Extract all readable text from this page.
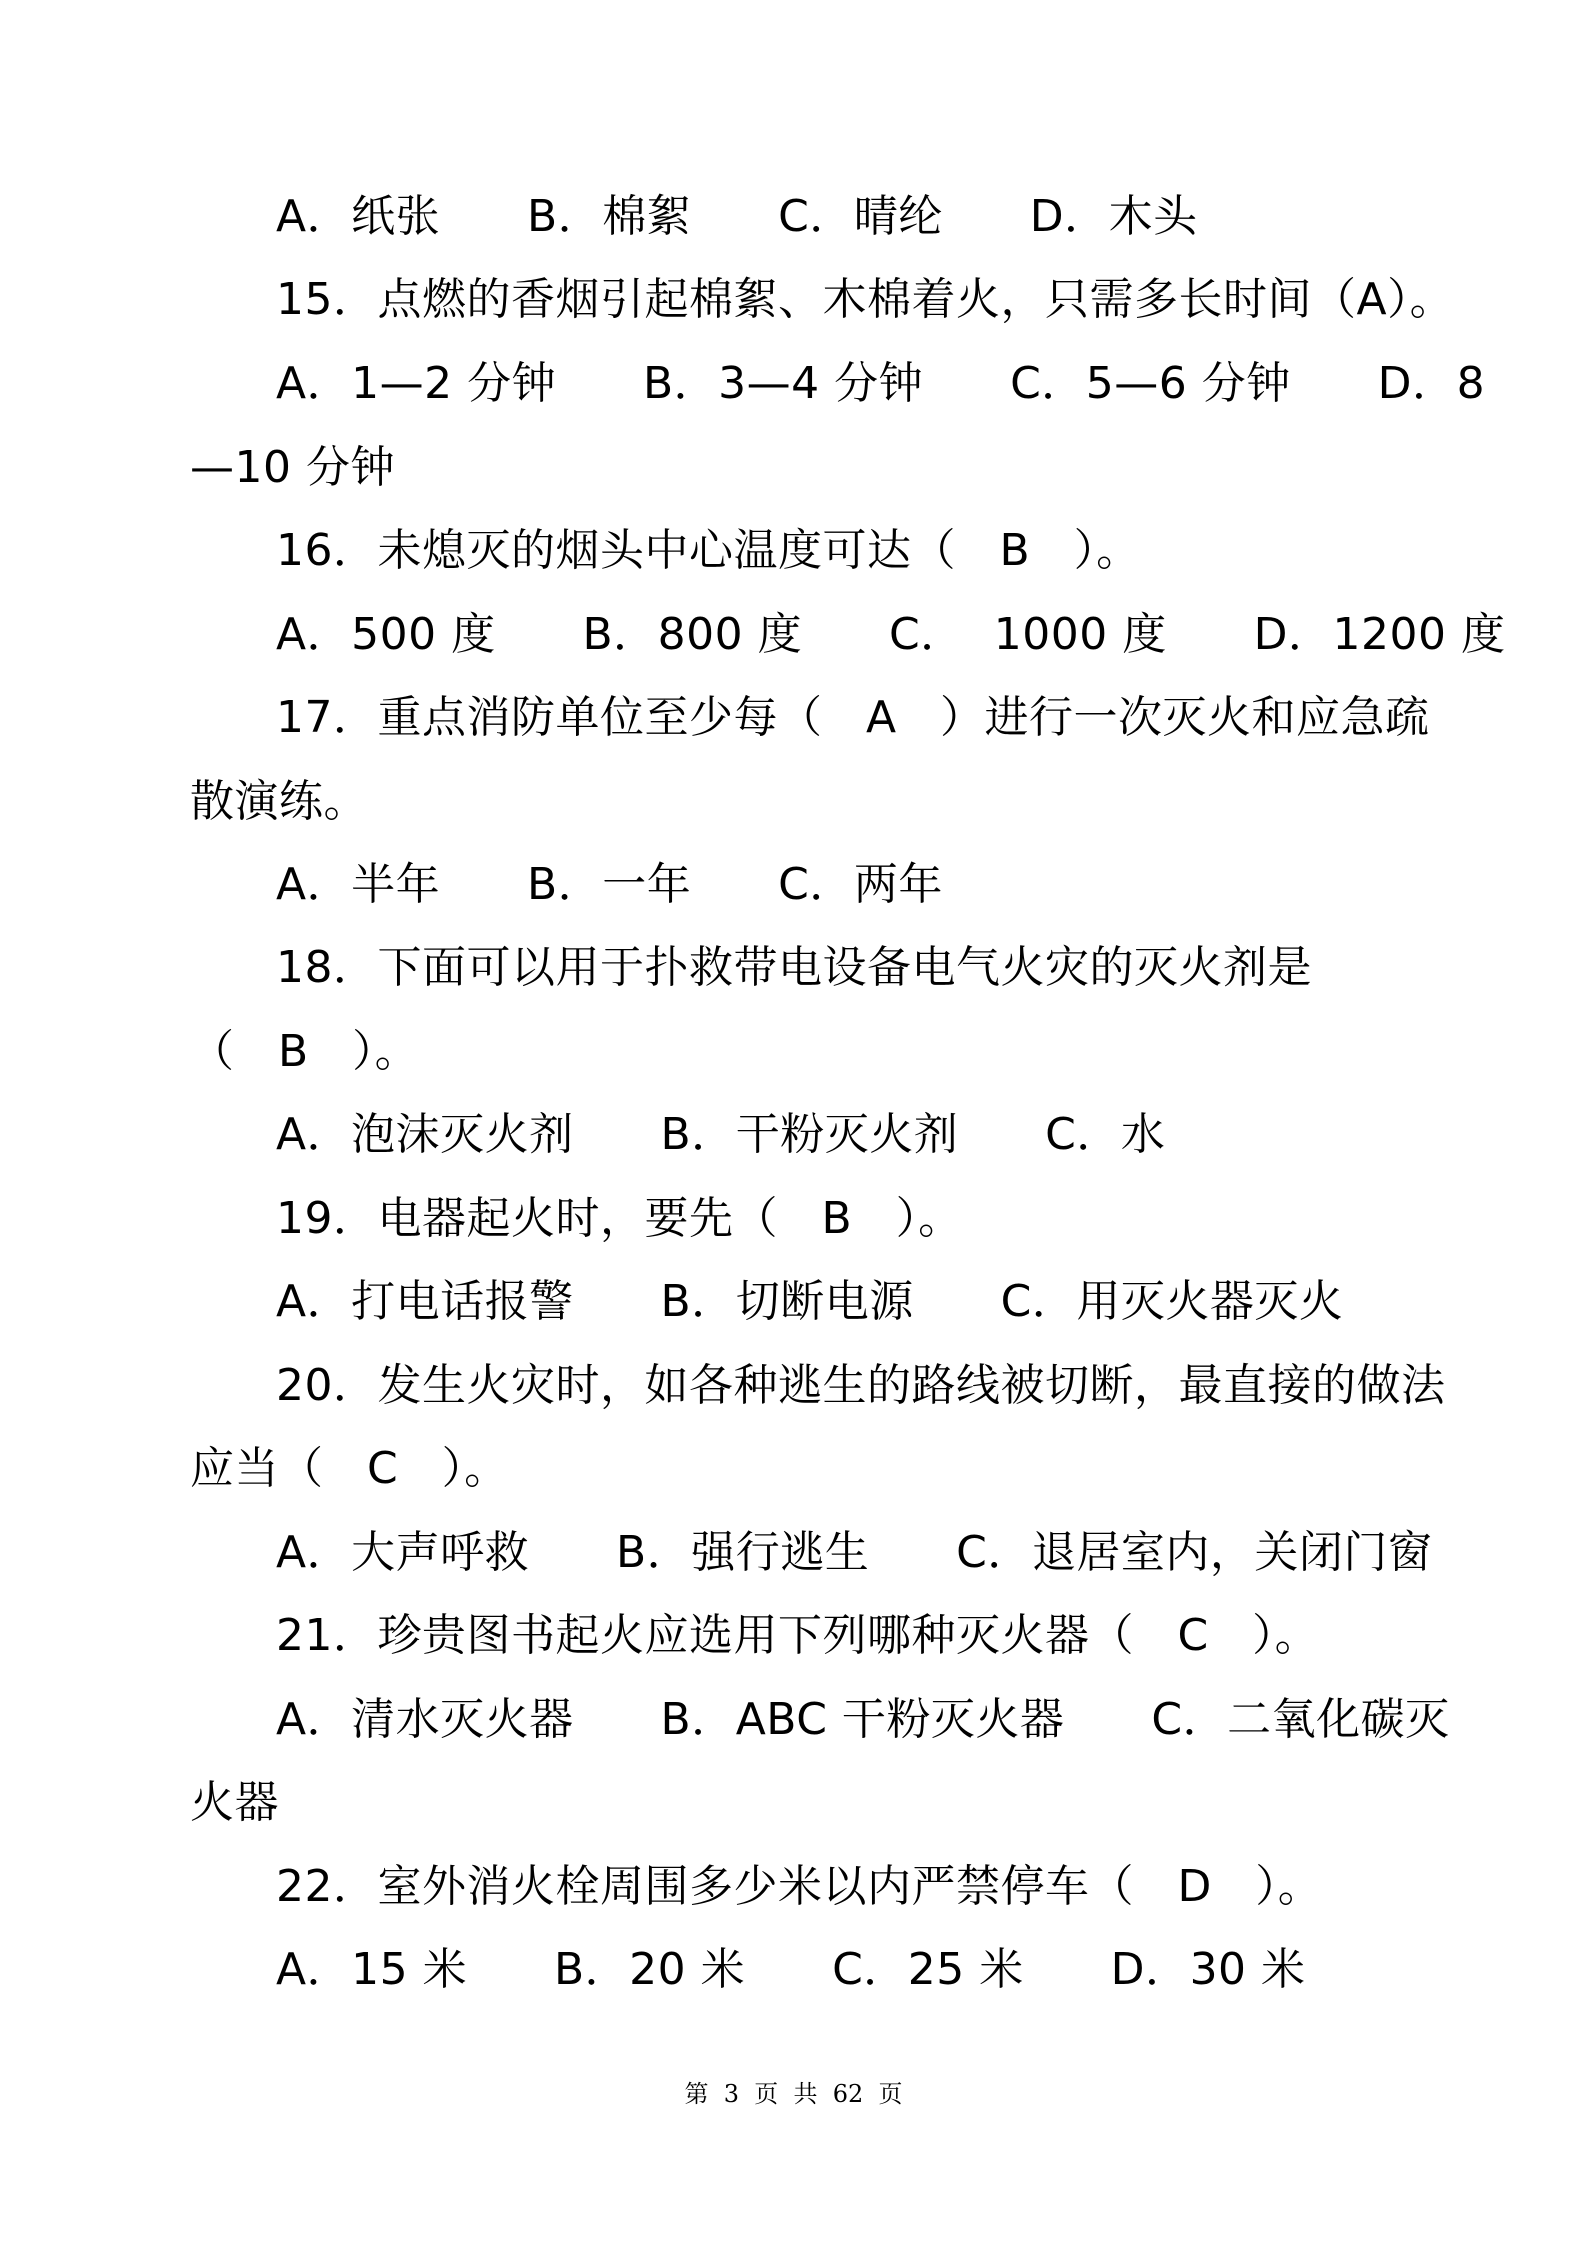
A．纸张      B．棉絮      C．晴纶      D．木头
15．点燃的香烟引起棉絮、木棉着火，只需多长时间（A）。
A．1—2 分钟      B．3—4 分钟      C．5—6 分钟      D．8
—10 分钟
16．未熄灭的烟头中心温度可达（   B   ）。
A．500 度      B．800 度      C．  1000 度      D．1200 度
17．重点消防单位至少每（   A   ）进行一次灭火和应急疏
散演练。
A．半年      B．一年      C．两年
18．下面可以用于扑救带电设备电气火灾的灭火剂是
（   B   ）。
A．泡沫灭火剂      B．干粉灭火剂      C．水
19．电器起火时，要先（   B   ）。
A．打电话报警      B．切断电源      C．用灭火器灭火
20．发生火灾时，如各种逃生的路线被切断，最直接的做法
应当（   C   ）。
A．大声呼救      B．强行逃生      C．退居室内，关闭门窗
21．珍贵图书起火应选用下列哪种灭火器（   C   ）。
A．清水灭火器      B．ABC 干粉灭火器      C．二氧化碳灭
火器
22．室外消火栓周围多少米以内严禁停车（   D   ）。
A．15 米      B．20 米      C．25 米      D．30 米
第  3  页  共  62  页
